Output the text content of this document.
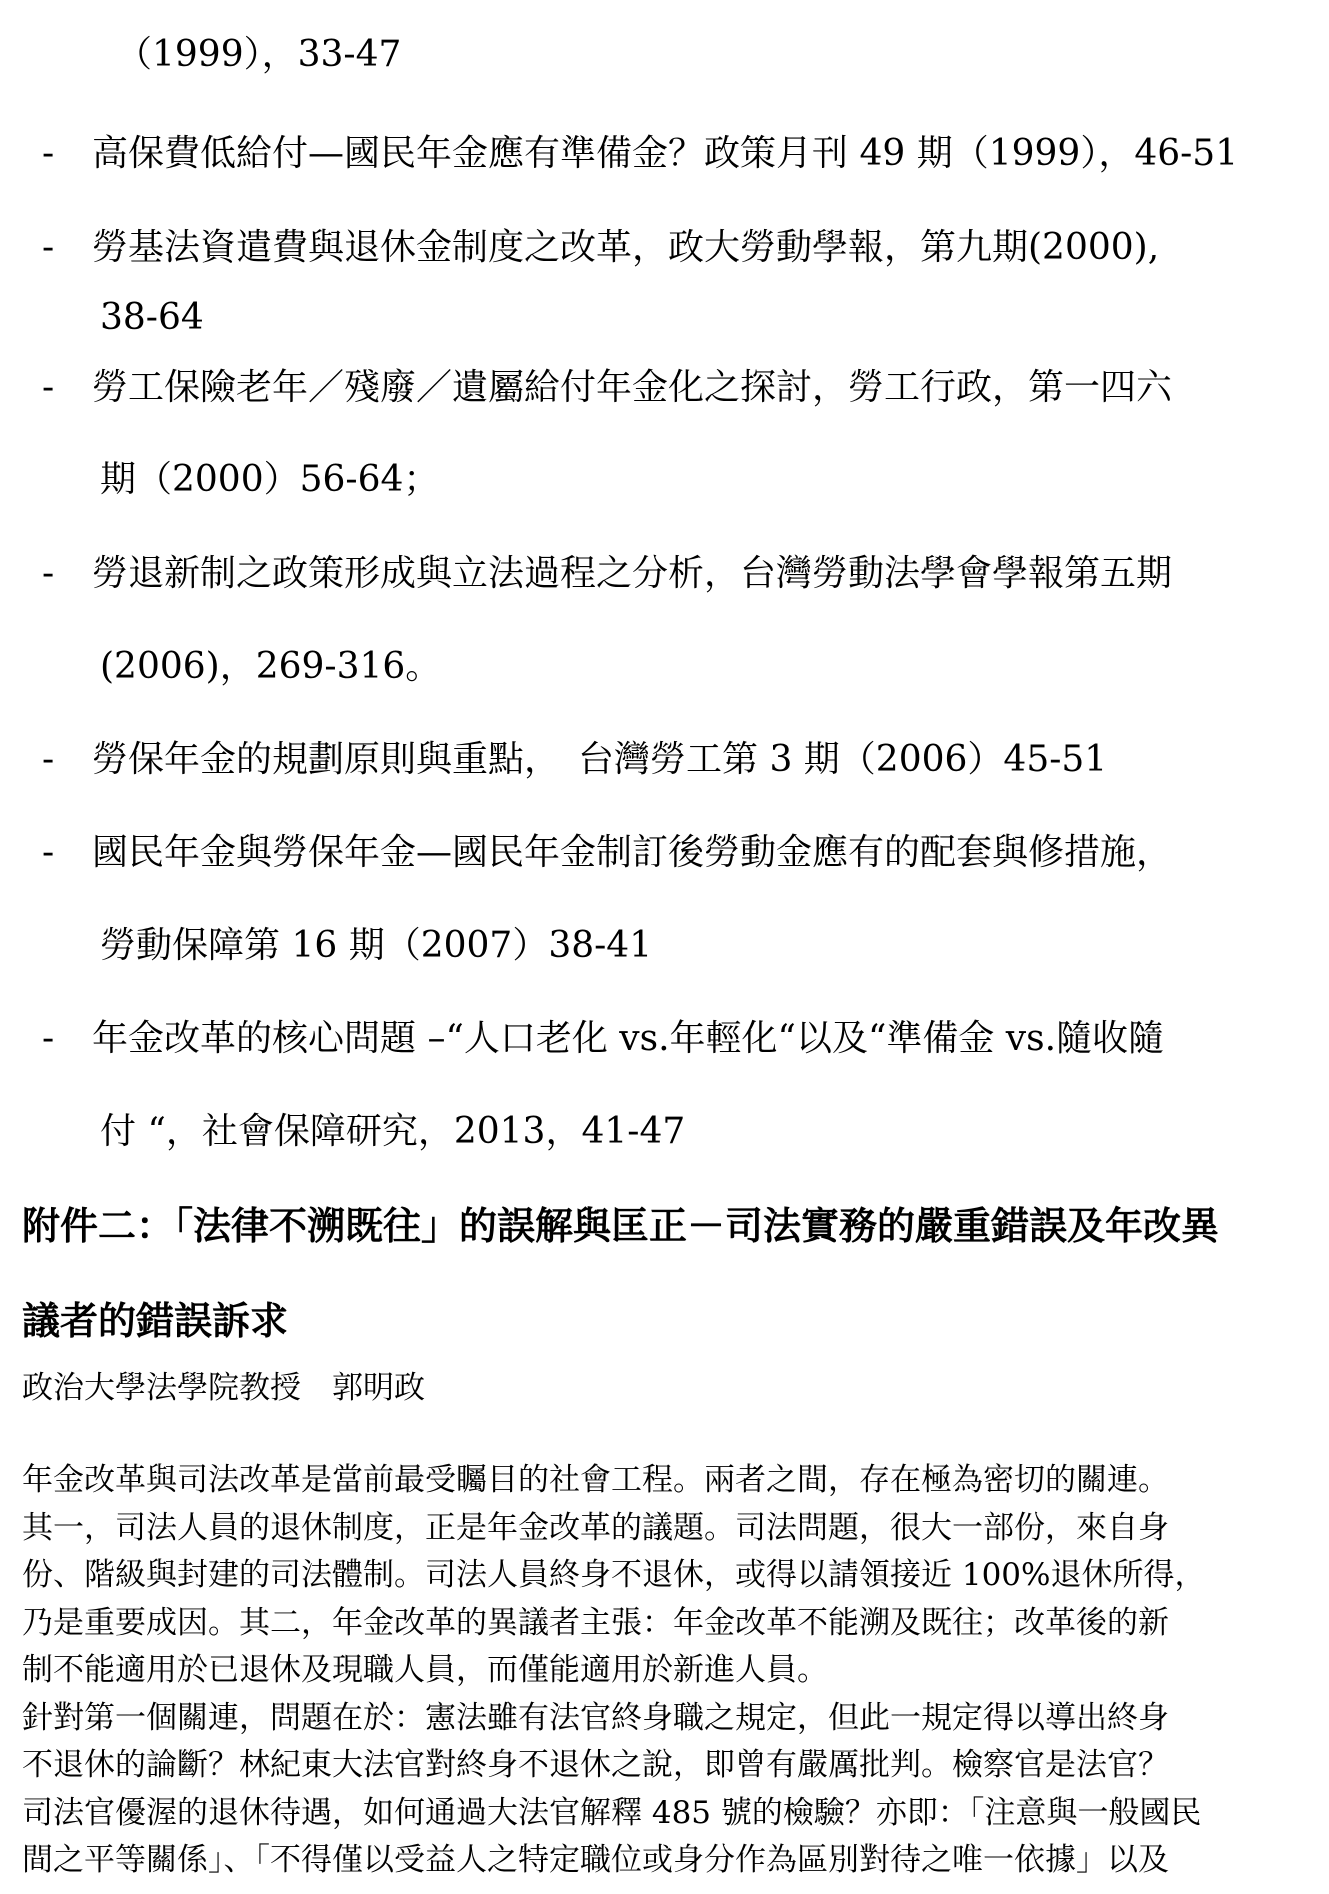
（1999），33-47
- 高保費低給付—國民年金應有準備金？政策月刊 49 期（1999），46-51
- 勞基法資遣費與退休金制度之改革，政大勞動學報，第九期(2000),
38-64
- 勞工保險老年／殘廢／遺屬給付年金化之探討，勞工行政，第一四六
期（2000）56-64；
- 勞退新制之政策形成與立法過程之分析，台灣勞動法學會學報第五期
(2006)，269-316。
- 勞保年金的規劃原則與重點，　台灣勞工第 3 期（2006）45-51
- 國民年金與勞保年金—國民年金制訂後勞動金應有的配套與修措施，
勞動保障第 16 期（2007）38-41
- 年金改革的核心問題 –“人口老化 vs.年輕化“以及“準備金 vs.隨收隨
付 “，社會保障研究，2013，41-47
附件二：「法律不溯既往」的誤解與匡正－司法實務的嚴重錯誤及年改異
議者的錯誤訴求
政治大學法學院教授　郭明政
年金改革與司法改革是當前最受矚目的社會工程。兩者之間，存在極為密切的關連。
其一，司法人員的退休制度，正是年金改革的議題。司法問題，很大一部份，來自身
份、階級與封建的司法體制。司法人員終身不退休，或得以請領接近 100%退休所得，
乃是重要成因。其二，年金改革的異議者主張：年金改革不能溯及既往；改革後的新
制不能適用於已退休及現職人員，而僅能適用於新進人員。
針對第一個關連，問題在於：憲法雖有法官終身職之規定，但此一規定得以導出終身
不退休的論斷？林紀東大法官對終身不退休之說，即曾有嚴厲批判。檢察官是法官？
司法官優渥的退休待遇，如何通過大法官解釋 485 號的檢驗？亦即：「注意與一般國民
間之平等關係」、「不得僅以受益人之特定職位或身分作為區別對待之唯一依據」以及
